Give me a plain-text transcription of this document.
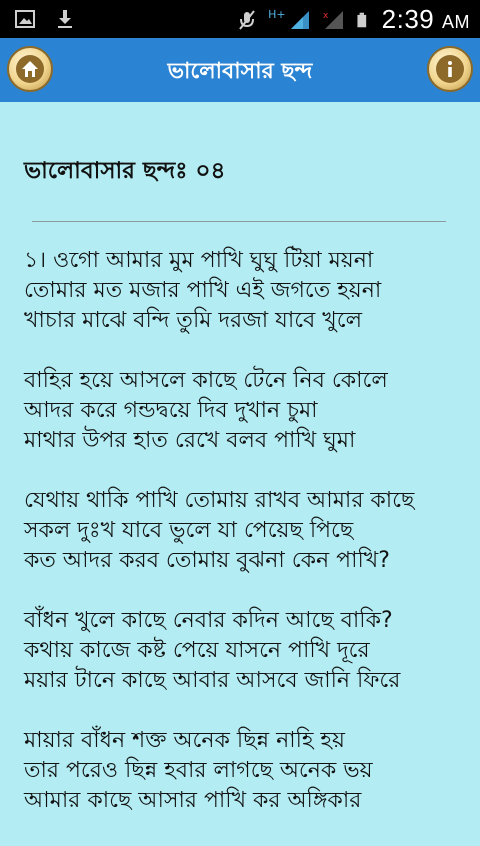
H+	x 2:39 AM
ভালোবাসার ছন্দ
ভালোবাসার ছন্দঃ ০৪
১। ওগো আমার মুম পাখি ঘুঘু টিয়া ময়না
তোমার মত মজার পাখি এই জগতে হয়না
খাচার মাঝে বন্দি তুমি দরজা যাবে খুলে
বাহির হয়ে আসলে কাছে টেনে নিব কোলে
আদর করে গন্ডদ্বয়ে দিব দুখান চুমা
মাথার উপর হাত রেখে বলব পাখি ঘুমা
যেথায় থাকি পাখি তোমায় রাখব আমার কাছে
সকল দুঃখ যাবে ভুলে যা পেয়েছ পিছে
কত আদর করব তোমায় বুঝনা কেন পাখি?
বাঁধন খুলে কাছে নেবার কদিন আছে বাকি?
কথায় কাজে কষ্ট পেয়ে যাসনে পাখি দূরে
ময়ার টানে কাছে আবার আসবে জানি ফিরে
মায়ার বাঁধন শক্ত অনেক ছিন্ন নাহি হয়
তার পরেও ছিন্ন হবার লাগছে অনেক ভয়
আমার কাছে আসার পাখি কর অঙ্গিকার
